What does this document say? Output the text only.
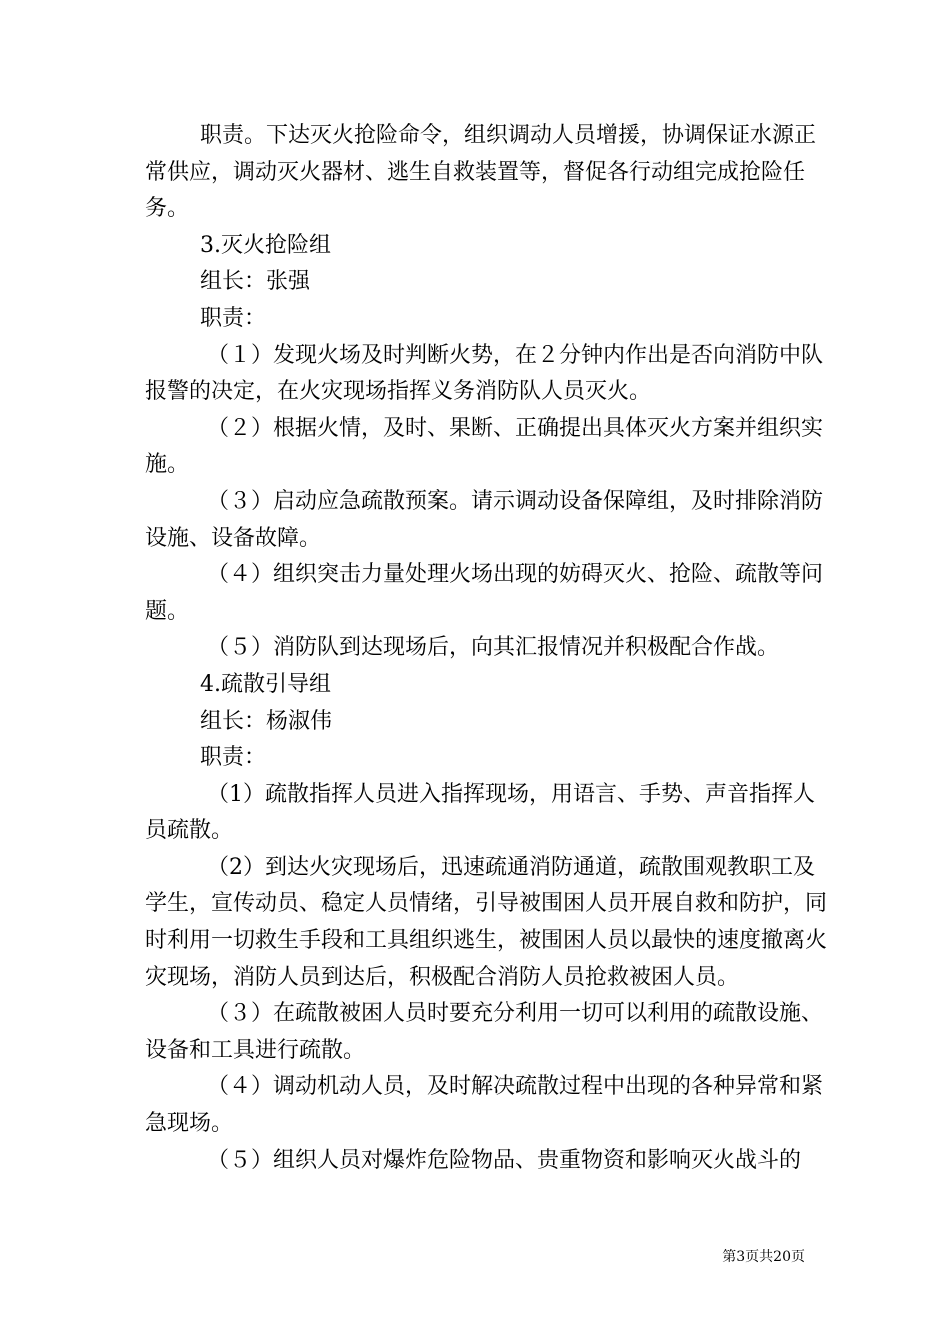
职责。下达灭火抢险命令，组织调动人员增援，协调保证水源正常供应，调动灭火器材、逃生自救装置等，督促各行动组完成抢险任务。

3.灭火抢险组

组长：张强

职责：

（１）发现火场及时判断火势，在２分钟内作出是否向消防中队报警的决定，在火灾现场指挥义务消防队人员灭火。

（２）根据火情，及时、果断、正确提出具体灭火方案并组织实施。

（３）启动应急疏散预案。请示调动设备保障组，及时排除消防设施、设备故障。

（４）组织突击力量处理火场出现的妨碍灭火、抢险、疏散等问题。

（５）消防队到达现场后，向其汇报情况并积极配合作战。

4.疏散引导组

组长：杨淑伟

职责：

（1）疏散指挥人员进入指挥现场，用语言、手势、声音指挥人员疏散。

（2）到达火灾现场后，迅速疏通消防通道，疏散围观教职工及学生，宣传动员、稳定人员情绪，引导被围困人员开展自救和防护，同时利用一切救生手段和工具组织逃生，被围困人员以最快的速度撤离火灾现场，消防人员到达后，积极配合消防人员抢救被困人员。

（３）在疏散被困人员时要充分利用一切可以利用的疏散设施、设备和工具进行疏散。

（４）调动机动人员，及时解决疏散过程中出现的各种异常和紧急现场。

（５）组织人员对爆炸危险物品、贵重物资和影响灭火战斗的

第3页共20页
